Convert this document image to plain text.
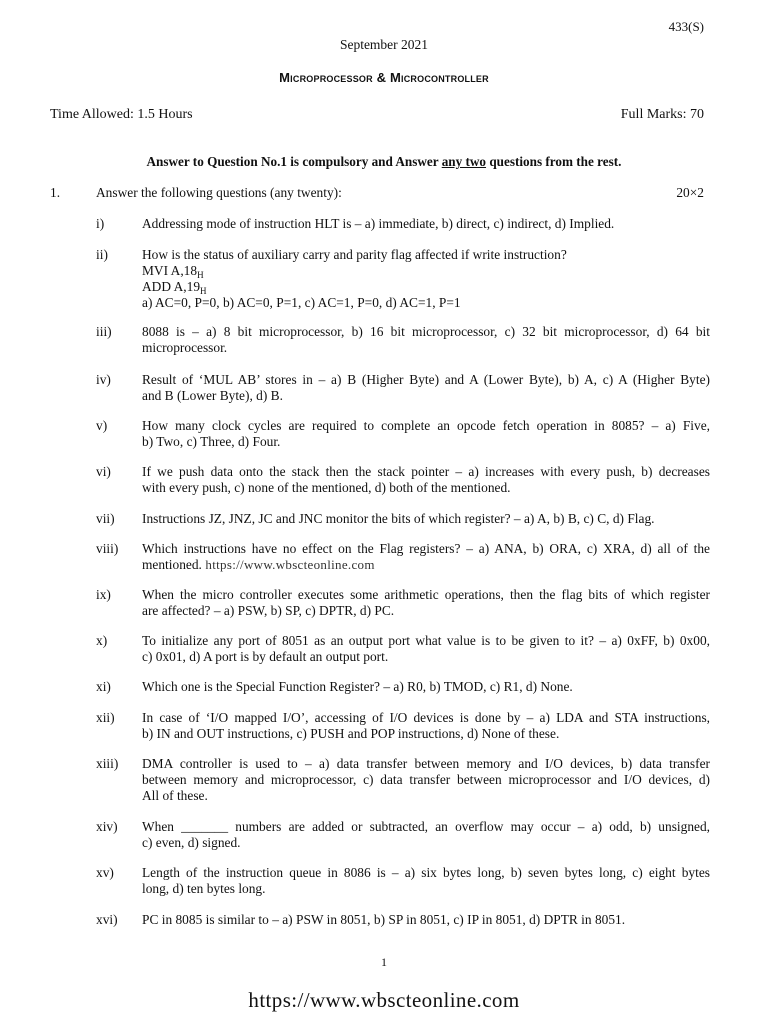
433(S)
September 2021
Microprocessor & Microcontroller
Time Allowed: 1.5 Hours	Full Marks: 70
Answer to Question No.1 is compulsory and Answer any two questions from the rest.
1.	Answer the following questions (any twenty):	20×2
i)	Addressing mode of instruction HLT is – a) immediate, b) direct, c) indirect, d) Implied.
ii)	How is the status of auxiliary carry and parity flag affected if write instruction?
MVI $A,18_H$
ADD $A,19_H$
a) AC=0, P=0, b) AC=0, P=1, c) AC=1, P=0, d) AC=1, P=1
iii)	8088 is – a) 8 bit microprocessor, b) 16 bit microprocessor, c) 32 bit microprocessor, d) 64 bit
microprocessor.
iv)	Result of ‘MUL AB’ stores in – a) B (Higher Byte) and A (Lower Byte), b) A, c) A (Higher Byte)
and B (Lower Byte), d) B.
v)	How many clock cycles are required to complete an opcode fetch operation in 8085? – a) Five,
b) Two, c) Three, d) Four.
vi)	If we push data onto the stack then the stack pointer – a) increases with every push, b) decreases
with every push, c) none of the mentioned, d) both of the mentioned.
vii)	Instructions JZ, JNZ, JC and JNC monitor the bits of which register? – a) A, b) B, c) C, d) Flag.
viii)	Which instructions have no effect on the Flag registers? – a) ANA, b) ORA, c) XRA, d) all of the
mentioned. https://www.wbscteonline.com
ix)	When the micro controller executes some arithmetic operations, then the flag bits of which register
are affected? – a) PSW, b) SP, c) DPTR, d) PC.
x)	To initialize any port of 8051 as an output port what value is to be given to it? – a) 0xFF, b) 0x00,
c) 0x01, d) A port is by default an output port.
xi)	Which one is the Special Function Register? – a) R0, b) TMOD, c) R1, d) None.
xii)	In case of ‘I/O mapped I/O’, accessing of I/O devices is done by – a) LDA and STA instructions,
b) IN and OUT instructions, c) PUSH and POP instructions, d) None of these.
xiii)	DMA controller is used to – a) data transfer between memory and I/O devices, b) data transfer
between memory and microprocessor, c) data transfer between microprocessor and I/O devices, d)
All of these.
xiv)	When _______ numbers are added or subtracted, an overflow may occur – a) odd, b) unsigned,
c) even, d) signed.
xv)	Length of the instruction queue in 8086 is – a) six bytes long, b) seven bytes long, c) eight bytes
long, d) ten bytes long.
xvi)	PC in 8085 is similar to – a) PSW in 8051, b) SP in 8051, c) IP in 8051, d) DPTR in 8051.
1
https://www.wbscteonline.com
